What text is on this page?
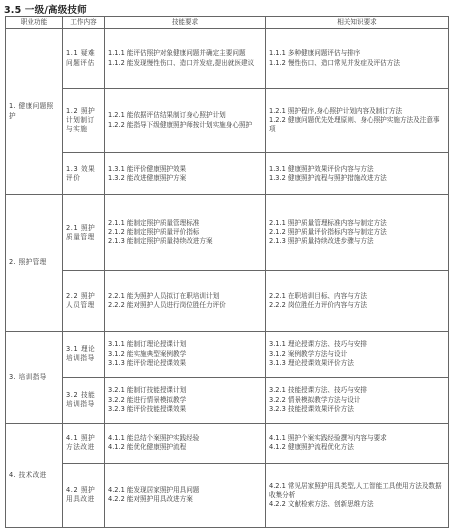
3.5 一级/高级技师
职业功能	工作内容	技能要求	相关知识要求
1. 健康问题照护	1.1 疑难问题评估	1.1.1 能评估照护对象健康问题并确定主要问题
1.1.2 能发现慢性伤口、造口并发症,提出就医建议	1.1.1 多种健康问题评估与排序
1.1.2 慢性伤口、造口常见并发症及评估方法

	1.2 照护计划制订与实施	1.2.1 能依据评估结果制订身心照护计划
1.2.2 能指导下级健康照护师按计划实施身心照护	1.2.1 照护程序,身心照护计划内容及制订方法
1.2.2 健康问题优先处理原则、身心照护实施方法及注意事项

	1.3 效果评价	1.3.1 能评价健康照护效果
1.3.2 能改进健康照护方案	1.3.1 健康照护效果评价内容与方法
1.3.2 健康照护流程与照护措施改进方法

2. 照护管理	2.1 照护质量管理	2.1.1 能制定照护质量管理标准
2.1.2 能制定照护质量评价指标
2.1.3 能制定照护质量持续改进方案	2.1.1 照护质量管理标准内容与制定方法
2.1.2 照护质量评价指标内容与制定方法
2.1.3 照护质量持续改进步骤与方法

	2.2 照护人员管理	2.2.1 能为照护人员拟订在职培训计划
2.2.2 能对照护人员进行岗位胜任力评价	2.2.1 在职培训目标、内容与方法
2.2.2 岗位胜任力评价内容与方法

3. 培训指导	3.1 理论培训指导	3.1.1 能制订理论授课计划
3.1.2 能实施典型案例教学
3.1.3 能评价理论授课效果	3.1.1 理论授课方法、技巧与安排
3.1.2 案例教学方法与设计
3.1.3 理论授课效果评价方法

	3.2 技能培训指导	3.2.1 能制订技能授课计划
3.2.2 能进行情景模拟教学
3.2.3 能评价技能授课效果	3.2.1 技能授课方法、技巧与安排
3.2.2 情景模拟教学方法与设计
3.2.3 技能授课效果评价方法

4. 技术改进	4.1 照护方法改进	4.1.1 能总结个案照护实践经验
4.1.2 能优化健康照护流程	4.1.1 照护个案实践经验撰写内容与要求
4.1.2 健康照护流程优化方法

	4.2 照护用具改进	4.2.1 能发现居家照护用具问题
4.2.2 能对照护用具改进方案	4.2.1 常见居家照护用具类型,人工智能工具使用方法及数据收集分析
4.2.2 文献检索方法、创新思维方法
